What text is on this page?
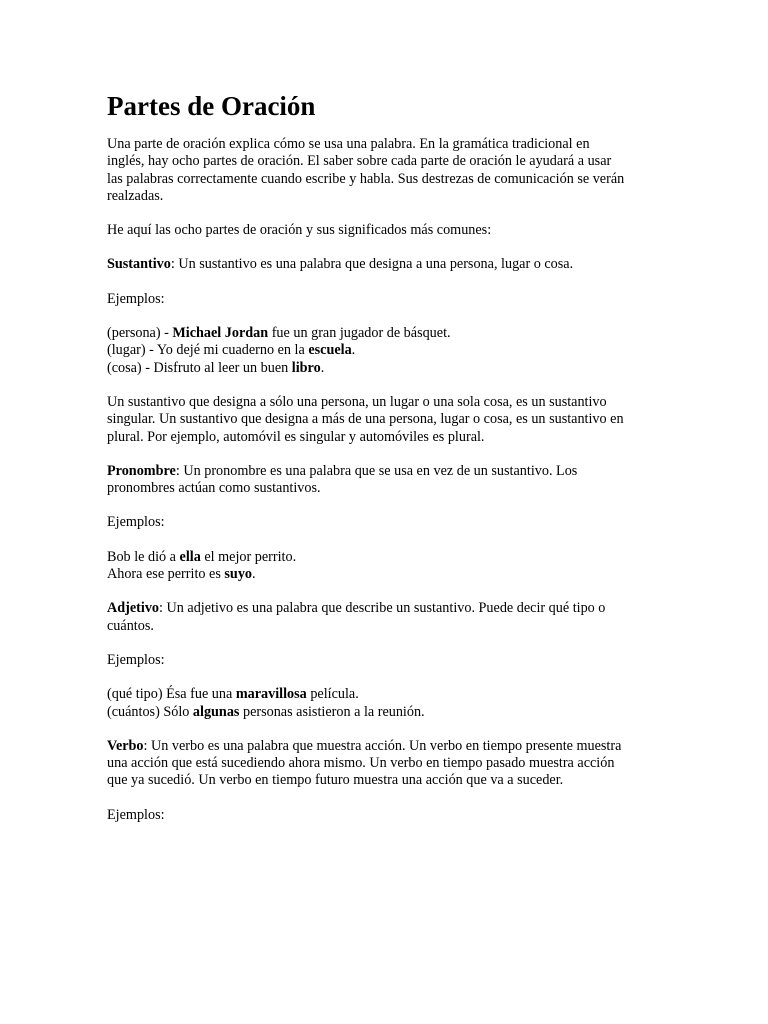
Partes de Oración

Una parte de oración explica cómo se usa una palabra. En la gramática tradicional en
inglés, hay ocho partes de oración. El saber sobre cada parte de oración le ayudará a usar
las palabras correctamente cuando escribe y habla. Sus destrezas de comunicación se verán
realzadas.

He aquí las ocho partes de oración y sus significados más comunes:

Sustantivo: Un sustantivo es una palabra que designa a una persona, lugar o cosa.

Ejemplos:

(persona) - Michael Jordan fue un gran jugador de básquet.
(lugar) - Yo dejé mi cuaderno en la escuela.
(cosa) - Disfruto al leer un buen libro.

Un sustantivo que designa a sólo una persona, un lugar o una sola cosa, es un sustantivo
singular. Un sustantivo que designa a más de una persona, lugar o cosa, es un sustantivo en
plural. Por ejemplo, automóvil es singular y automóviles es plural.

Pronombre: Un pronombre es una palabra que se usa en vez de un sustantivo. Los
pronombres actúan como sustantivos.

Ejemplos:

Bob le dió a ella el mejor perrito.
Ahora ese perrito es suyo.

Adjetivo: Un adjetivo es una palabra que describe un sustantivo. Puede decir qué tipo o
cuántos.

Ejemplos:

(qué tipo) Ésa fue una maravillosa película.
(cuántos) Sólo algunas personas asistieron a la reunión.

Verbo: Un verbo es una palabra que muestra acción. Un verbo en tiempo presente muestra
una acción que está sucediendo ahora mismo. Un verbo en tiempo pasado muestra acción
que ya sucedió. Un verbo en tiempo futuro muestra una acción que va a suceder.

Ejemplos:
